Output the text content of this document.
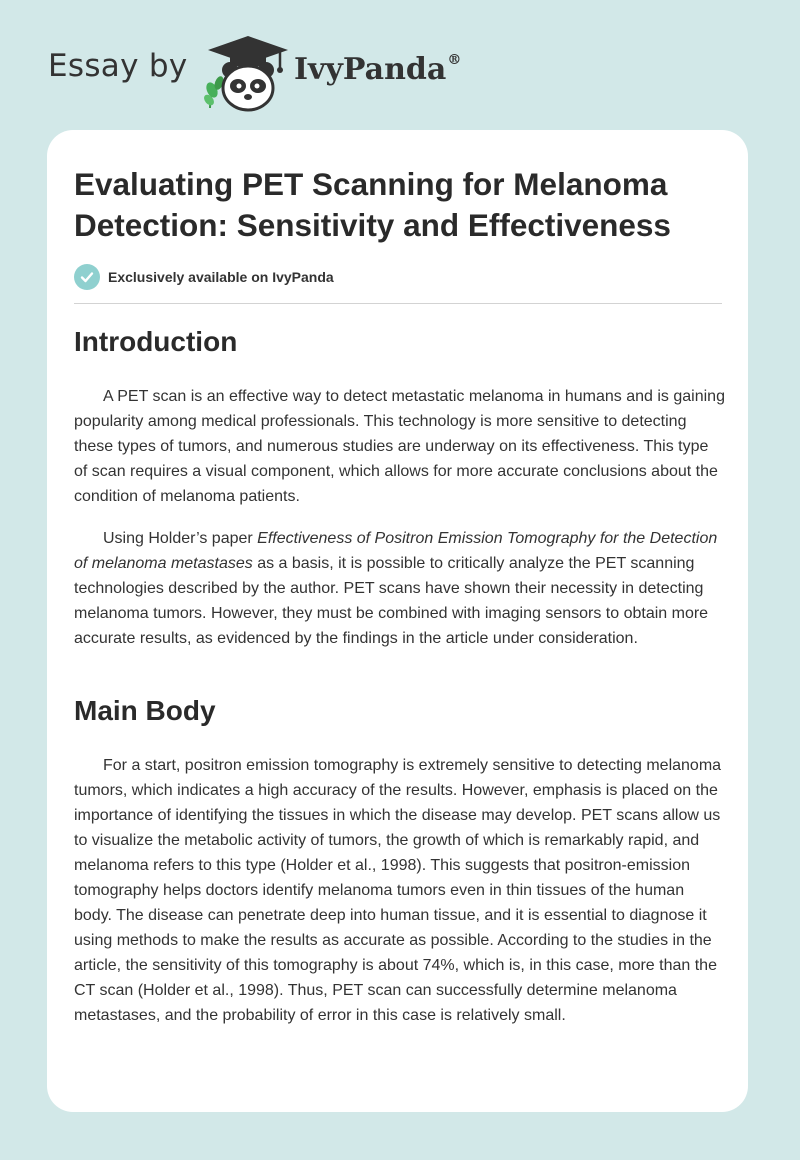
Essay by	IvyPanda®
Evaluating PET Scanning for Melanoma Detection: Sensitivity and Effectiveness
Exclusively available on IvyPanda
Introduction

A PET scan is an effective way to detect metastatic melanoma in humans and is gaining popularity among medical professionals. This technology is more sensitive to detecting these types of tumors, and numerous studies are underway on its effectiveness. This type of scan requires a visual component, which allows for more accurate conclusions about the condition of melanoma patients.

Using Holder’s paper Effectiveness of Positron Emission Tomography for the Detection of melanoma metastases as a basis, it is possible to critically analyze the PET scanning technologies described by the author. PET scans have shown their necessity in detecting melanoma tumors. However, they must be combined with imaging sensors to obtain more accurate results, as evidenced by the findings in the article under consideration.

Main Body

For a start, positron emission tomography is extremely sensitive to detecting melanoma tumors, which indicates a high accuracy of the results. However, emphasis is placed on the importance of identifying the tissues in which the disease may develop. PET scans allow us to visualize the metabolic activity of tumors, the growth of which is remarkably rapid, and melanoma refers to this type (Holder et al., 1998). This suggests that positron-emission tomography helps doctors identify melanoma tumors even in thin tissues of the human body. The disease can penetrate deep into human tissue, and it is essential to diagnose it using methods to make the results as accurate as possible. According to the studies in the article, the sensitivity of this tomography is about 74%, which is, in this case, more than the CT scan (Holder et al., 1998). Thus, PET scan can successfully determine melanoma metastases, and the probability of error in this case is relatively small.
